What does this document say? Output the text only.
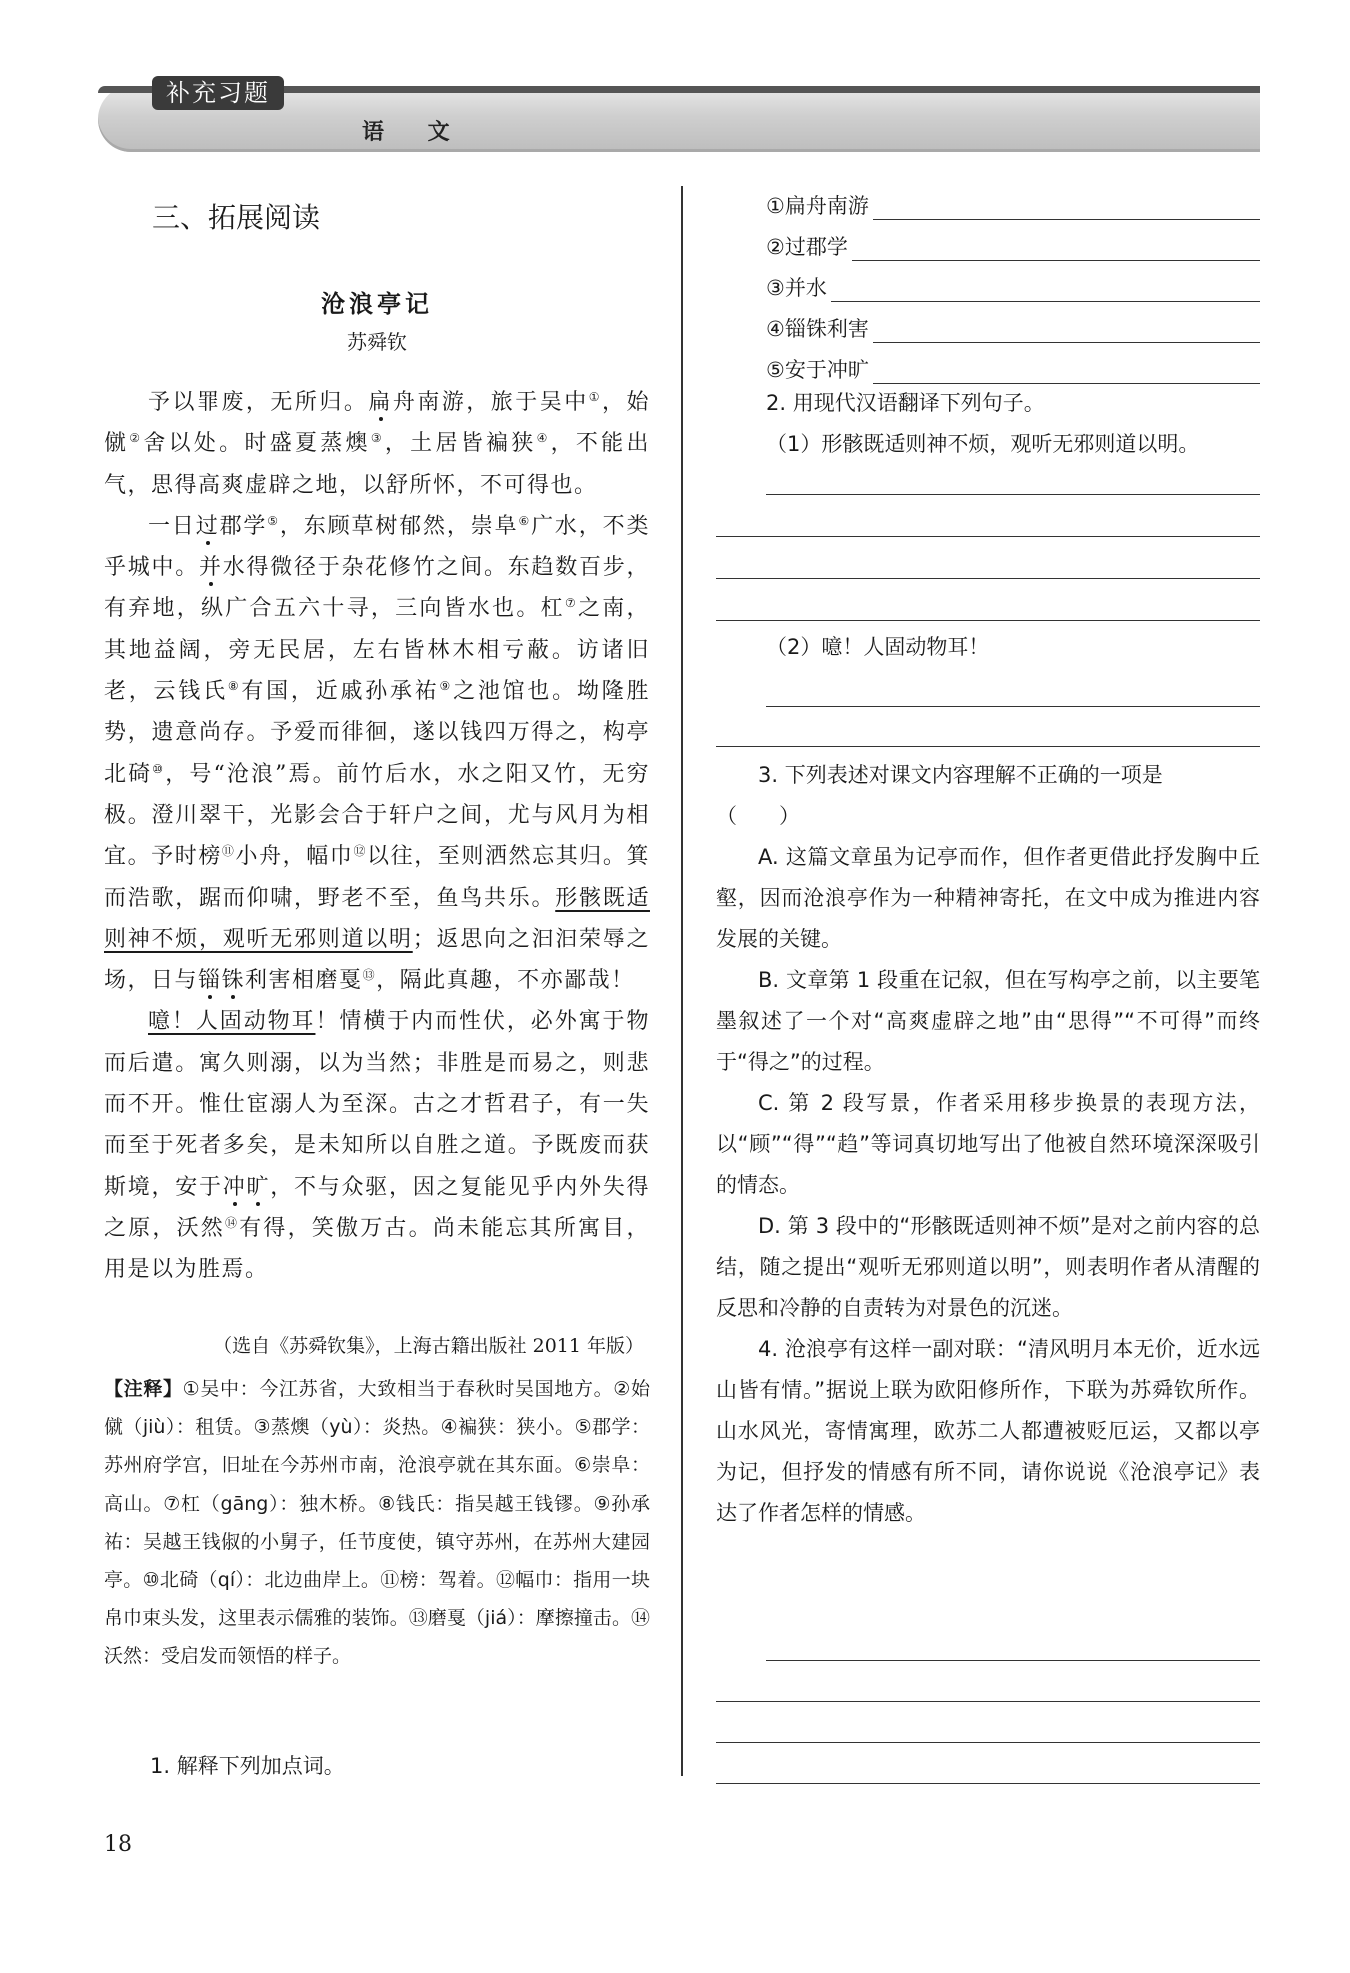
补充习题
语 文
三、拓展阅读
沧浪亭记
苏舜钦

予以罪废，无所归。扁舟南游，旅于吴中①，始僦②舍以处。时盛夏蒸燠③，土居皆褊狭④，不能出气，思得高爽虚辟之地，以舒所怀，不可得也。

一日过郡学⑤，东顾草树郁然，崇阜⑥广水，不类乎城中。并水得微径于杂花修竹之间。东趋数百步，有弃地，纵广合五六十寻，三向皆水也。杠⑦之南，其地益阔，旁无民居，左右皆林木相亏蔽。访诸旧老，云钱氏⑧有国，近戚孙承祐⑨之池馆也。坳隆胜势，遗意尚存。予爱而徘徊，遂以钱四万得之，构亭北碕⑩，号“沧浪”焉。前竹后水，水之阳又竹，无穷极。澄川翠干，光影会合于轩户之间，尤与风月为相宜。予时榜⑪小舟，幅巾⑫以往，至则洒然忘其归。箕而浩歌，踞而仰啸，野老不至，鱼鸟共乐。形骸既适则神不烦，观听无邪则道以明；返思向之汩汩荣辱之场，日与锱铢利害相磨戛⑬，隔此真趣，不亦鄙哉！

噫！人固动物耳！情横于内而性伏，必外寓于物而后遣。寓久则溺，以为当然；非胜是而易之，则悲而不开。惟仕宦溺人为至深。古之才哲君子，有一失而至于死者多矣，是未知所以自胜之道。予既废而获斯境，安于冲旷，不与众驱，因之复能见乎内外失得之原，沃然⑭有得，笑傲万古。尚未能忘其所寓目，用是以为胜焉。

（选自《苏舜钦集》，上海古籍出版社 2011 年版）
【注释】①吴中：今江苏省，大致相当于春秋时吴国地方。②始僦（jiù）：租赁。③蒸燠（yù）：炎热。④褊狭：狭小。⑤郡学：苏州府学宫，旧址在今苏州市南，沧浪亭就在其东面。⑥崇阜：高山。⑦杠（gāng）：独木桥。⑧钱氏：指吴越王钱镠。⑨孙承祐：吴越王钱俶的小舅子，任节度使，镇守苏州，在苏州大建园亭。⑩北碕（qí）：北边曲岸上。⑪榜：驾着。⑫幅巾：指用一块帛巾束头发，这里表示儒雅的装饰。⑬磨戛（jiá）：摩擦撞击。⑭沃然：受启发而领悟的样子。
1. 解释下列加点词。
①扁舟南游
②过郡学
③并水
④锱铢利害
⑤安于冲旷
2. 用现代汉语翻译下列句子。
（1）形骸既适则神不烦，观听无邪则道以明。
（2）噫！人固动物耳！

3. 下列表述对课文内容理解不正确的一项是

（　　）

A. 这篇文章虽为记亭而作，但作者更借此抒发胸中丘壑，因而沧浪亭作为一种精神寄托，在文中成为推进内容发展的关键。

B. 文章第 1 段重在记叙，但在写构亭之前，以主要笔墨叙述了一个对“高爽虚辟之地”由“思得”“不可得”而终于“得之”的过程。

C. 第 2 段写景，作者采用移步换景的表现方法，以“顾”“得”“趋”等词真切地写出了他被自然环境深深吸引的情态。

D. 第 3 段中的“形骸既适则神不烦”是对之前内容的总结，随之提出“观听无邪则道以明”，则表明作者从清醒的反思和冷静的自责转为对景色的沉迷。

4. 沧浪亭有这样一副对联：“清风明月本无价，近水远山皆有情。”据说上联为欧阳修所作，下联为苏舜钦所作。山水风光，寄情寓理，欧苏二人都遭被贬厄运，又都以亭为记，但抒发的情感有所不同，请你说说《沧浪亭记》表达了作者怎样的情感。

18
